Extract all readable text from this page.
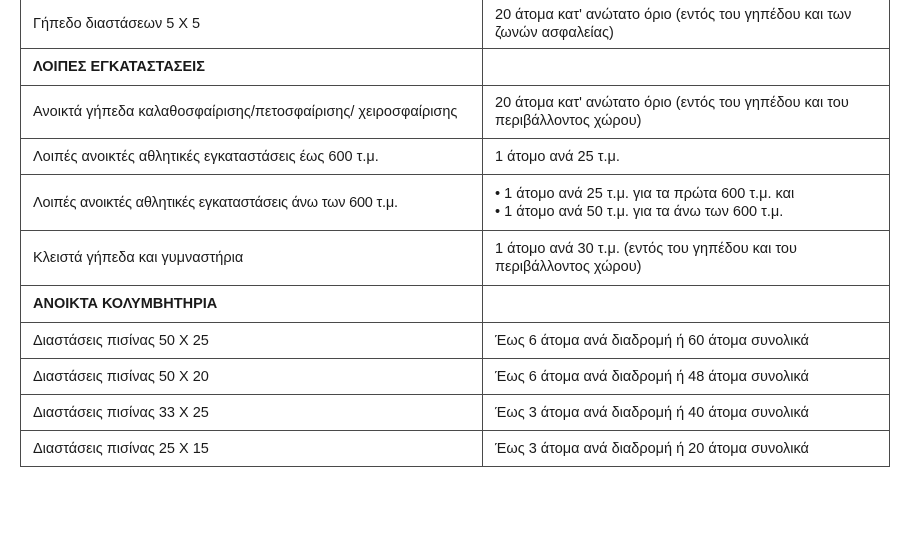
Γήπεδο διαστάσεων 5 Χ 5	20 άτομα κατ' ανώτατο όριο (εντός του γηπέδου και των ζωνών ασφαλείας)
ΛΟΙΠΕΣ ΕΓΚΑΤΑΣΤΑΣΕΙΣ	
Ανοικτά γήπεδα καλαθοσφαίρισης/πετοσφαίρισης/ χειροσφαίρισης	20 άτομα κατ' ανώτατο όριο (εντός του γηπέδου και του περιβάλλοντος χώρου)
Λοιπές ανοικτές αθλητικές εγκαταστάσεις έως 600 τ.μ.	1 άτομο ανά 25 τ.μ.
Λοιπές ανοικτές αθλητικές εγκαταστάσεις άνω των 600 τ.μ.	• 1 άτομο ανά 25 τ.μ. για τα πρώτα 600 τ.μ. και
• 1 άτομο ανά 50 τ.μ. για τα άνω των 600 τ.μ.

Κλειστά γήπεδα και γυμναστήρια	1 άτομο ανά 30 τ.μ. (εντός του γηπέδου και του περιβάλλοντος χώρου)
ΑΝΟΙΚΤΑ ΚΟΛΥΜΒΗΤΗΡΙΑ	
Διαστάσεις πισίνας 50 Χ 25	Έως 6 άτομα ανά διαδρομή ή 60 άτομα συνολικά
Διαστάσεις πισίνας 50 Χ 20	Έως 6 άτομα ανά διαδρομή ή 48 άτομα συνολικά
Διαστάσεις πισίνας 33 Χ 25	Έως 3 άτομα ανά διαδρομή ή 40 άτομα συνολικά
Διαστάσεις πισίνας 25 Χ 15	Έως 3 άτομα ανά διαδρομή ή 20 άτομα συνολικά
